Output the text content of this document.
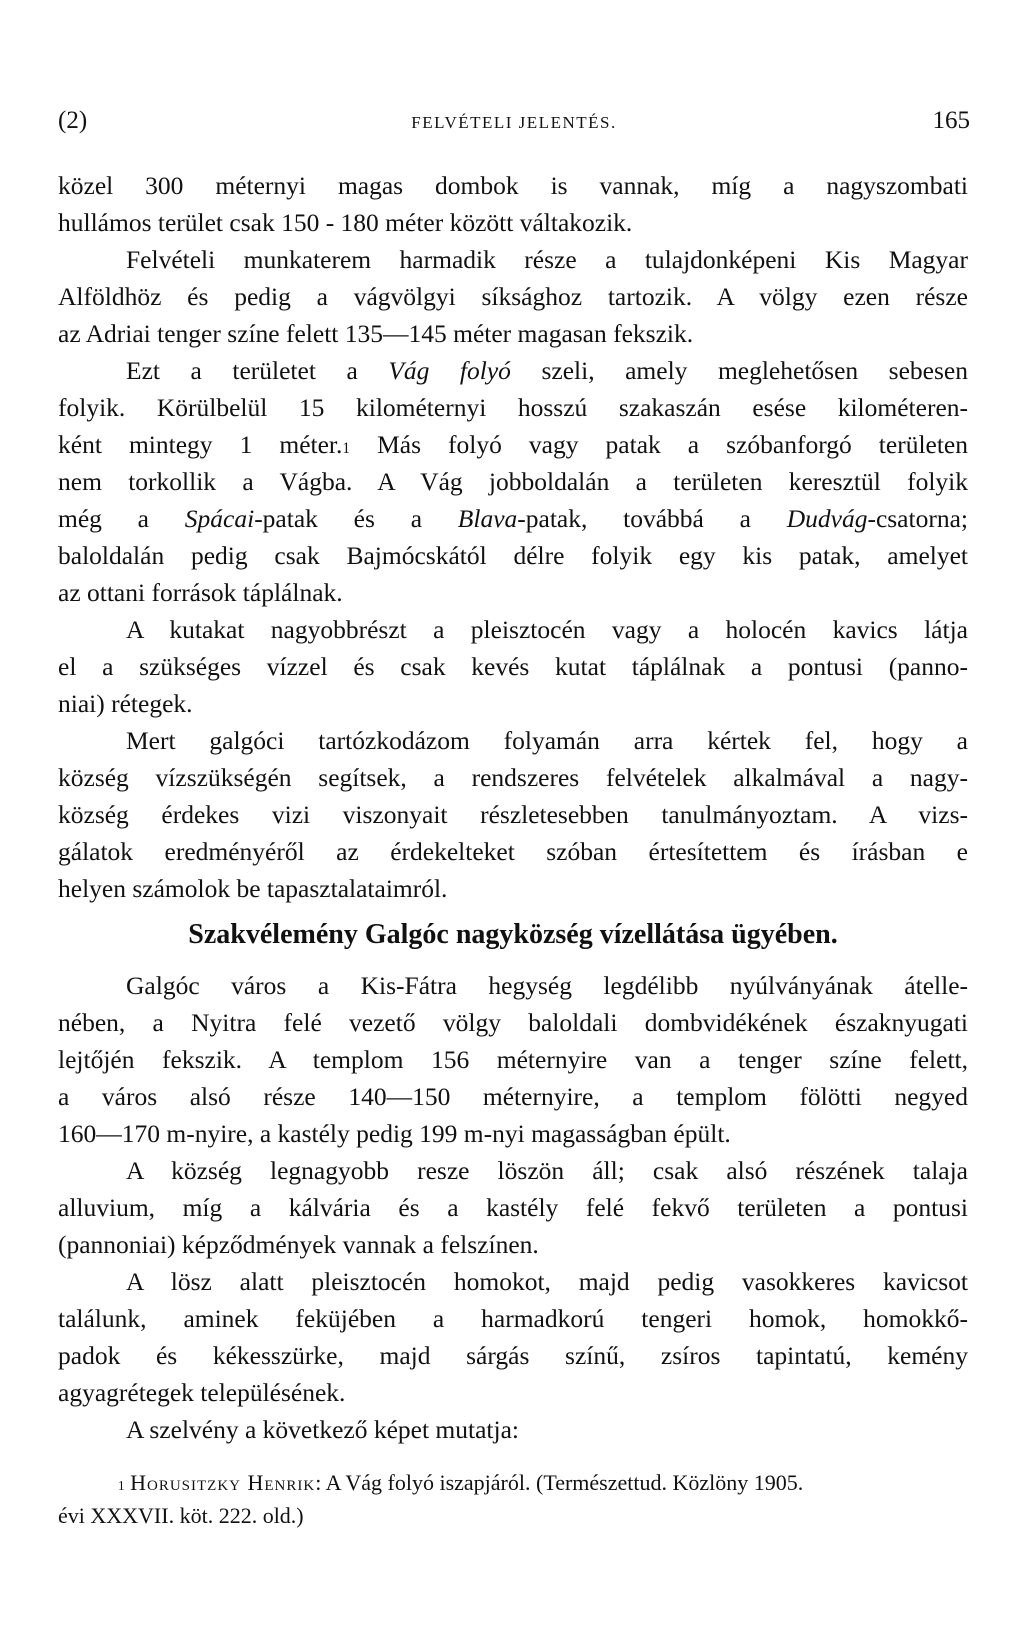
(2)	FELVÉTELI JELENTÉS.	165

közel 300 méternyi magas dombok is vannak, míg a nagyszombati
hullámos terület csak 150 - 180 méter között váltakozik.

Felvételi munkaterem harmadik része a tulajdonképeni Kis Magyar
Alföldhöz és pedig a vágvölgyi síksághoz tartozik. A völgy ezen része
az Adriai tenger színe felett 135—145 méter magasan fekszik.

Ezt a területet a Vág folyó szeli, amely meglehetősen sebesen
folyik. Körülbelül 15 kilométernyi hosszú szakaszán esése kilométeren-
ként mintegy 1 méter.$^1$ Más folyó vagy patak a szóbanforgó területen
nem torkollik a Vágba. A Vág jobboldalán a területen keresztül folyik
még a Spácai-patak és a Blava-patak, továbbá a Dudvág-csatorna;
baloldalán pedig csak Bajmócskától délre folyik egy kis patak, amelyet
az ottani források táplálnak.

A kutakat nagyobbrészt a pleisztocén vagy a holocén kavics látja
el a szükséges vízzel és csak kevés kutat táplálnak a pontusi (panno-
niai) rétegek.

Mert galgóci tartózkodázom folyamán arra kértek fel, hogy a
község vízszükségén segítsek, a rendszeres felvételek alkalmával a nagy-
község érdekes vizi viszonyait részletesebben tanulmányoztam. A vizs-
gálatok eredményéről az érdekelteket szóban értesítettem és írásban e
helyen számolok be tapasztalataimról.

Szakvélemény Galgóc nagyközség vízellátása ügyében.

Galgóc város a Kis-Fátra hegység legdélibb nyúlványának átelle-
nében, a Nyitra felé vezető völgy baloldali dombvidékének északnyugati
lejtőjén fekszik. A templom 156 méternyire van a tenger színe felett,
a város alsó része 140—150 méternyire, a templom fölötti negyed
160—170 m-nyire, a kastély pedig 199 m-nyi magasságban épült.

A község legnagyobb resze löszön áll; csak alsó részének talaja
alluvium, míg a kálvária és a kastély felé fekvő területen a pontusi
(pannoniai) képződmények vannak a felszínen.

A lösz alatt pleisztocén homokot, majd pedig vasokkeres kavicsot
találunk, aminek feküjében a harmadkorú tengeri homok, homokkő-
padok és kékesszürke, majd sárgás színű, zsíros tapintatú, kemény
agyagrétegek településének.

A szelvény a következő képet mutatja:

$^1$ Horusitzky Henrik: A Vág folyó iszapjáról. (Természettud. Közlöny 1905.
évi XXXVII. köt. 222. old.)
